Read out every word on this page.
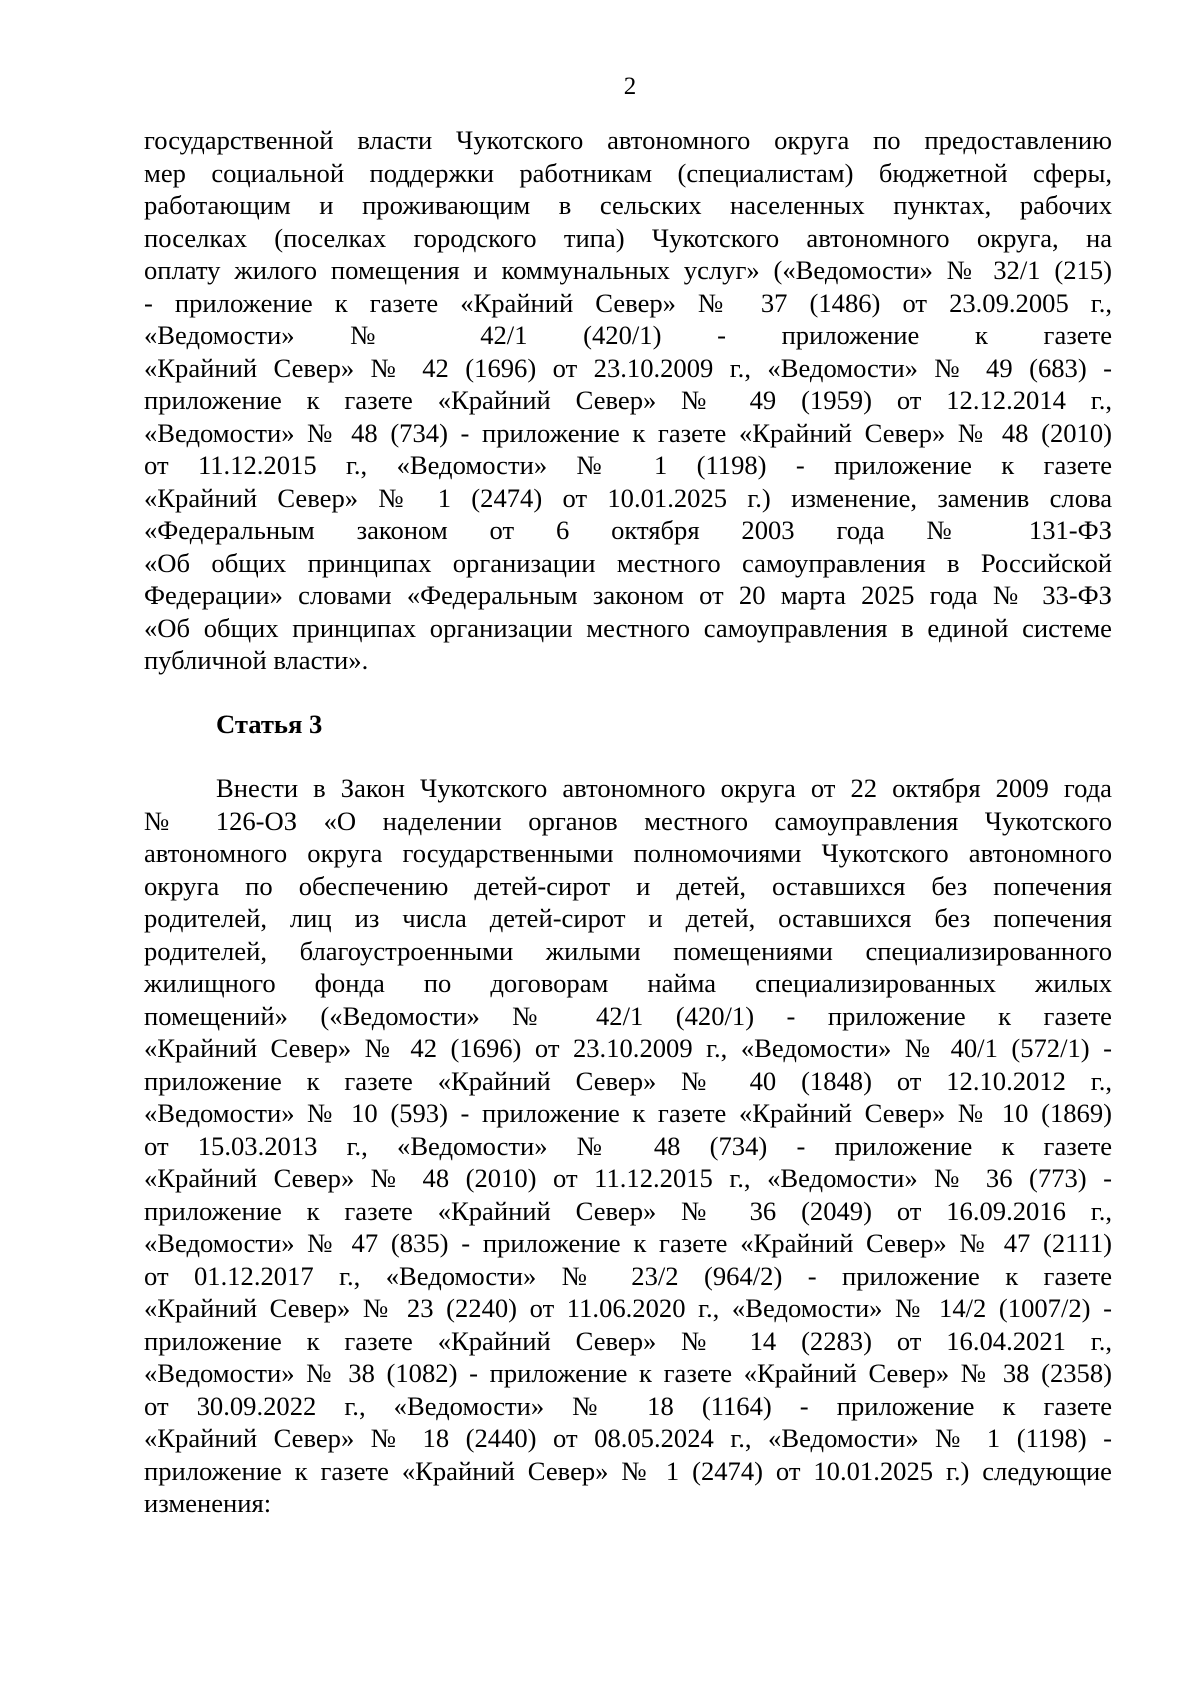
2
государственной власти Чукотского автономного округа по предоставлению
мер социальной поддержки работникам (специалистам) бюджетной сферы,
работающим и проживающим в сельских населенных пунктах, рабочих
поселках (поселках городского типа) Чукотского автономного округа, на
оплату жилого помещения и коммунальных услуг» («Ведомости» № 32/1 (215)
- приложение к газете «Крайний Север» № 37 (1486) от 23.09.2005 г.,
«Ведомости» № 42/1 (420/1) - приложение к газете
«Крайний Север» № 42 (1696) от 23.10.2009 г., «Ведомости» № 49 (683) -
приложение к газете «Крайний Север» № 49 (1959) от 12.12.2014 г.,
«Ведомости» № 48 (734) - приложение к газете «Крайний Север» № 48 (2010)
от 11.12.2015 г., «Ведомости» № 1 (1198) - приложение к газете
«Крайний Север» № 1 (2474) от 10.01.2025 г.) изменение, заменив слова
«Федеральным законом от 6 октября 2003 года № 131-ФЗ
«Об общих принципах организации местного самоуправления в Российской
Федерации» словами «Федеральным законом от 20 марта 2025 года № 33-ФЗ
«Об общих принципах организации местного самоуправления в единой системе
публичной власти».
Статья 3
Внести в Закон Чукотского автономного округа от 22 октября 2009 года
№ 126-ОЗ «О наделении органов местного самоуправления Чукотского
автономного округа государственными полномочиями Чукотского автономного
округа по обеспечению детей-сирот и детей, оставшихся без попечения
родителей, лиц из числа детей-сирот и детей, оставшихся без попечения
родителей, благоустроенными жилыми помещениями специализированного
жилищного фонда по договорам найма специализированных жилых
помещений» («Ведомости» № 42/1 (420/1) - приложение к газете
«Крайний Север» № 42 (1696) от 23.10.2009 г., «Ведомости» № 40/1 (572/1) -
приложение к газете «Крайний Север» № 40 (1848) от 12.10.2012 г.,
«Ведомости» № 10 (593) - приложение к газете «Крайний Север» № 10 (1869)
от 15.03.2013 г., «Ведомости» № 48 (734) - приложение к газете
«Крайний Север» № 48 (2010) от 11.12.2015 г., «Ведомости» № 36 (773) -
приложение к газете «Крайний Север» № 36 (2049) от 16.09.2016 г.,
«Ведомости» № 47 (835) - приложение к газете «Крайний Север» № 47 (2111)
от 01.12.2017 г., «Ведомости» № 23/2 (964/2) - приложение к газете
«Крайний Север» № 23 (2240) от 11.06.2020 г., «Ведомости» № 14/2 (1007/2) -
приложение к газете «Крайний Север» № 14 (2283) от 16.04.2021 г.,
«Ведомости» № 38 (1082) - приложение к газете «Крайний Север» № 38 (2358)
от 30.09.2022 г., «Ведомости» № 18 (1164) - приложение к газете
«Крайний Север» № 18 (2440) от 08.05.2024 г., «Ведомости» № 1 (1198) -
приложение к газете «Крайний Север» № 1 (2474) от 10.01.2025 г.) следующие
изменения:
